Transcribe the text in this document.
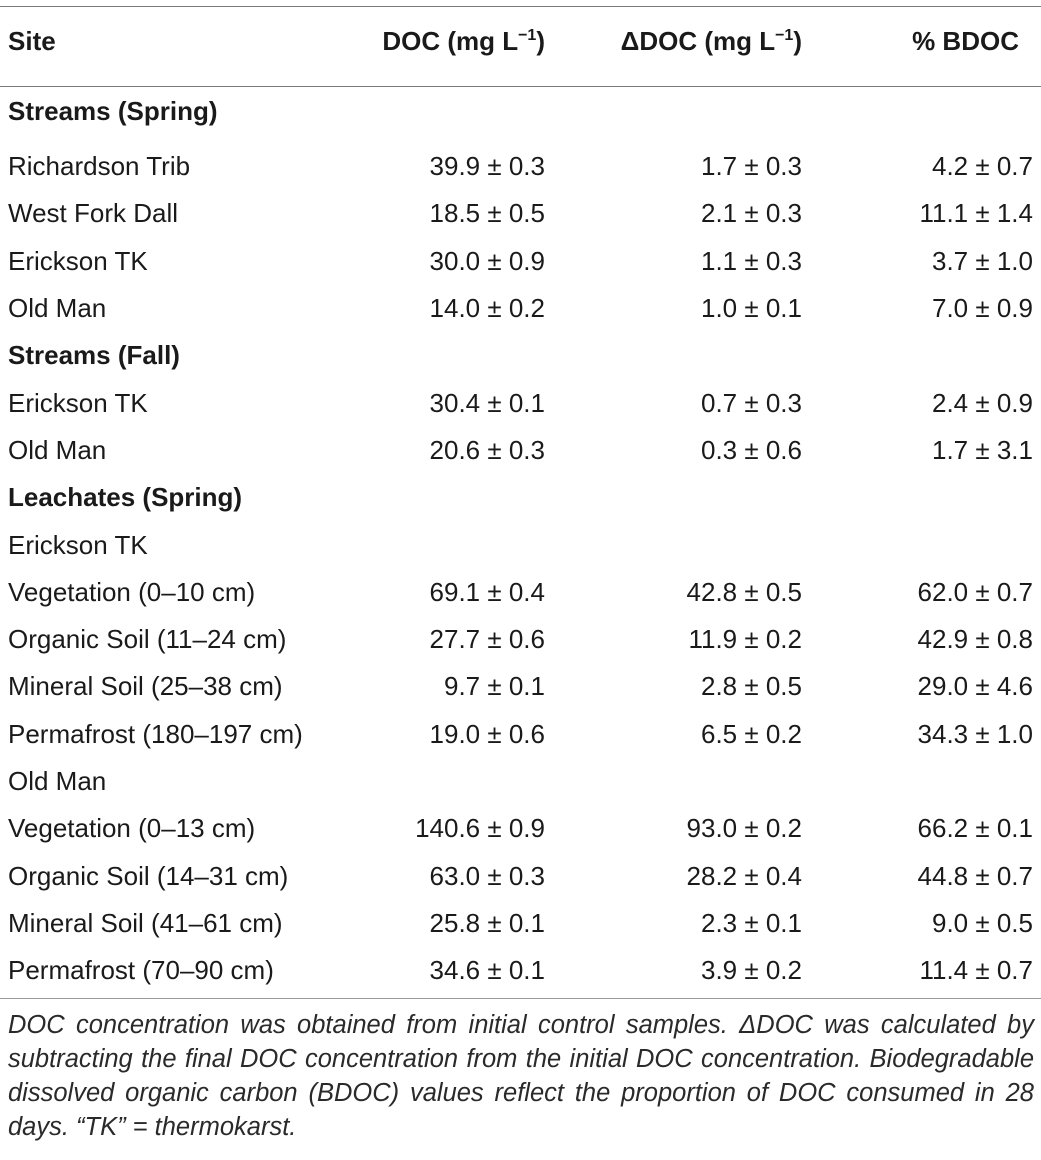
Site	DOC (mg $L^{-1}$)	ΔDOC (mg $L^{-1}$)	% BDOC
Streams (Spring)			
Richardson Trib	39.9 ± 0.3	1.7 ± 0.3	4.2 ± 0.7
West Fork Dall	18.5 ± 0.5	2.1 ± 0.3	11.1 ± 1.4
Erickson TK	30.0 ± 0.9	1.1 ± 0.3	3.7 ± 1.0
Old Man	14.0 ± 0.2	1.0 ± 0.1	7.0 ± 0.9
Streams (Fall)			
Erickson TK	30.4 ± 0.1	0.7 ± 0.3	2.4 ± 0.9
Old Man	20.6 ± 0.3	0.3 ± 0.6	1.7 ± 3.1
Leachates (Spring)			
Erickson TK			
Vegetation (0–10 cm)	69.1 ± 0.4	42.8 ± 0.5	62.0 ± 0.7
Organic Soil (11–24 cm)	27.7 ± 0.6	11.9 ± 0.2	42.9 ± 0.8
Mineral Soil (25–38 cm)	9.7 ± 0.1	2.8 ± 0.5	29.0 ± 4.6
Permafrost (180–197 cm)	19.0 ± 0.6	6.5 ± 0.2	34.3 ± 1.0
Old Man			
Vegetation (0–13 cm)	140.6 ± 0.9	93.0 ± 0.2	66.2 ± 0.1
Organic Soil (14–31 cm)	63.0 ± 0.3	28.2 ± 0.4	44.8 ± 0.7
Mineral Soil (41–61 cm)	25.8 ± 0.1	2.3 ± 0.1	9.0 ± 0.5
Permafrost (70–90 cm)	34.6 ± 0.1	3.9 ± 0.2	11.4 ± 0.7
DOC concentration was obtained from initial control samples. ΔDOC was calculated by subtracting the final DOC concentration from the initial DOC concentration. Biodegradable dissolved organic carbon (BDOC) values reflect the proportion of DOC consumed in 28 days. “TK” = thermokarst.
